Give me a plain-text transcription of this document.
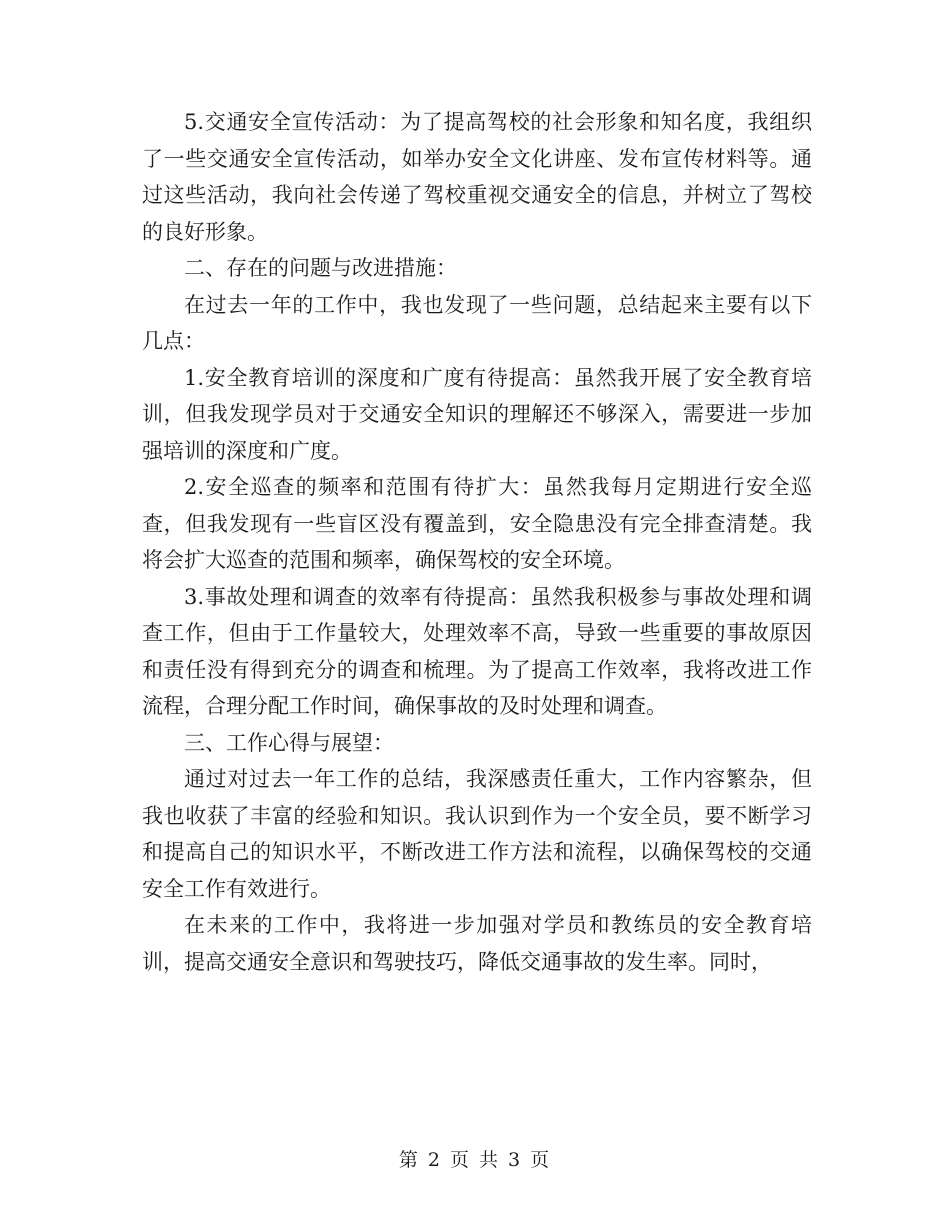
5.交通安全宣传活动：为了提高驾校的社会形象和知名度，我组织了一些交通安全宣传活动，如举办安全文化讲座、发布宣传材料等。通过这些活动，我向社会传递了驾校重视交通安全的信息，并树立了驾校的良好形象。

二、存在的问题与改进措施：

在过去一年的工作中，我也发现了一些问题，总结起来主要有以下几点：

1.安全教育培训的深度和广度有待提高：虽然我开展了安全教育培训，但我发现学员对于交通安全知识的理解还不够深入，需要进一步加强培训的深度和广度。

2.安全巡查的频率和范围有待扩大：虽然我每月定期进行安全巡查，但我发现有一些盲区没有覆盖到，安全隐患没有完全排查清楚。我将会扩大巡查的范围和频率，确保驾校的安全环境。

3.事故处理和调查的效率有待提高：虽然我积极参与事故处理和调查工作，但由于工作量较大，处理效率不高，导致一些重要的事故原因和责任没有得到充分的调查和梳理。为了提高工作效率，我将改进工作流程，合理分配工作时间，确保事故的及时处理和调查。

三、工作心得与展望：

通过对过去一年工作的总结，我深感责任重大，工作内容繁杂，但我也收获了丰富的经验和知识。我认识到作为一个安全员，要不断学习和提高自己的知识水平，不断改进工作方法和流程，以确保驾校的交通安全工作有效进行。

在未来的工作中，我将进一步加强对学员和教练员的安全教育培训，提高交通安全意识和驾驶技巧，降低交通事故的发生率。同时，

第 2 页 共 3 页
